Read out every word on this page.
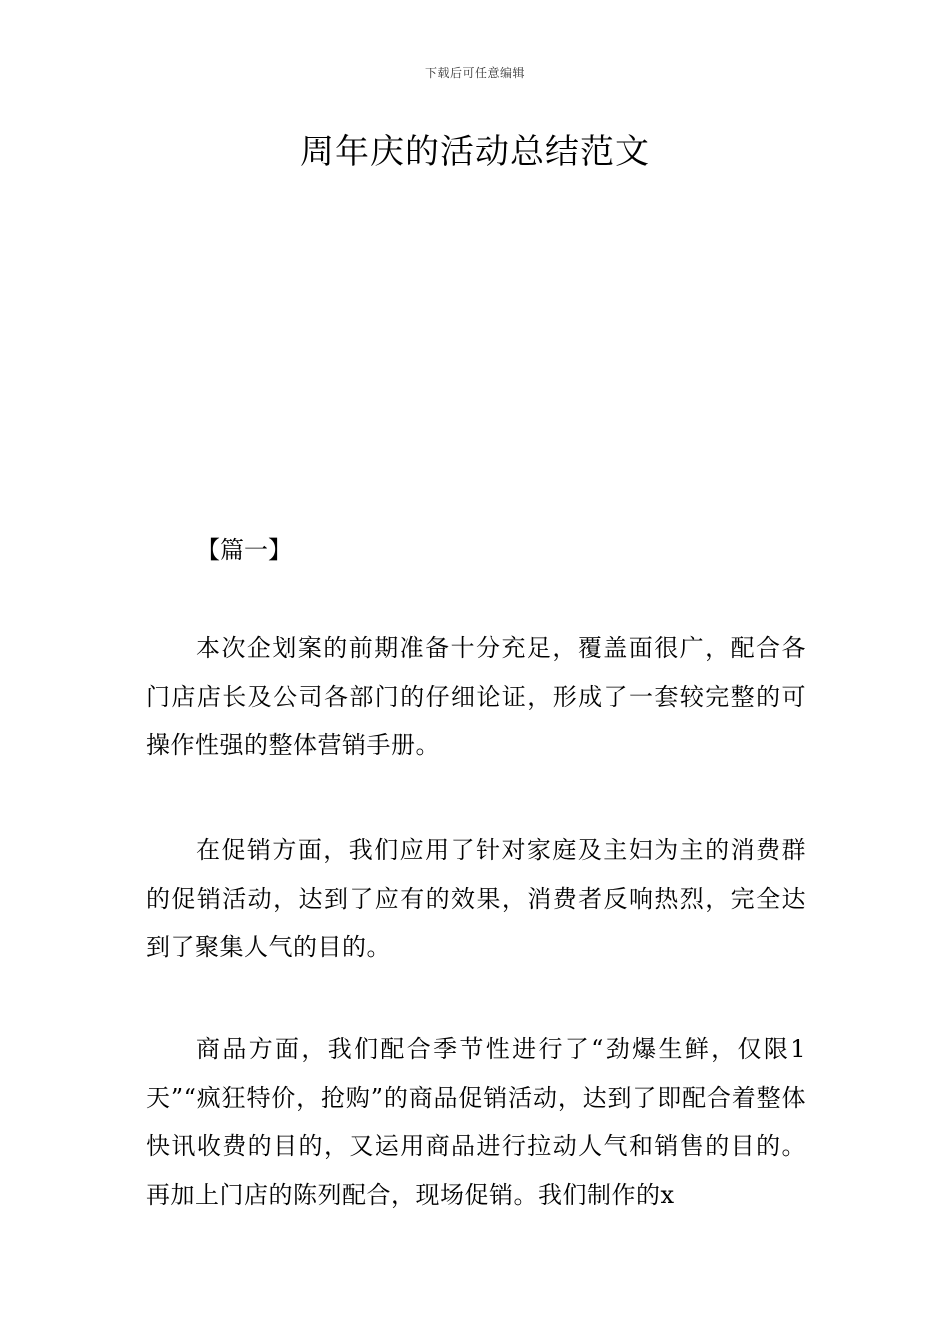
下载后可任意编辑
周年庆的活动总结范文
【篇一】

本次企划案的前期准备十分充足，覆盖面很广，配合各门店店长及公司各部门的仔细论证，形成了一套较完整的可操作性强的整体营销手册。

在促销方面，我们应用了针对家庭及主妇为主的消费群的促销活动，达到了应有的效果，消费者反响热烈，完全达到了聚集人气的目的。

商品方面，我们配合季节性进行了“劲爆生鲜，仅限1天”“疯狂特价，抢购”的商品促销活动，达到了即配合着整体快讯收费的目的，又运用商品进行拉动人气和销售的目的。再加上门店的陈列配合，现场促销。我们制作的x
